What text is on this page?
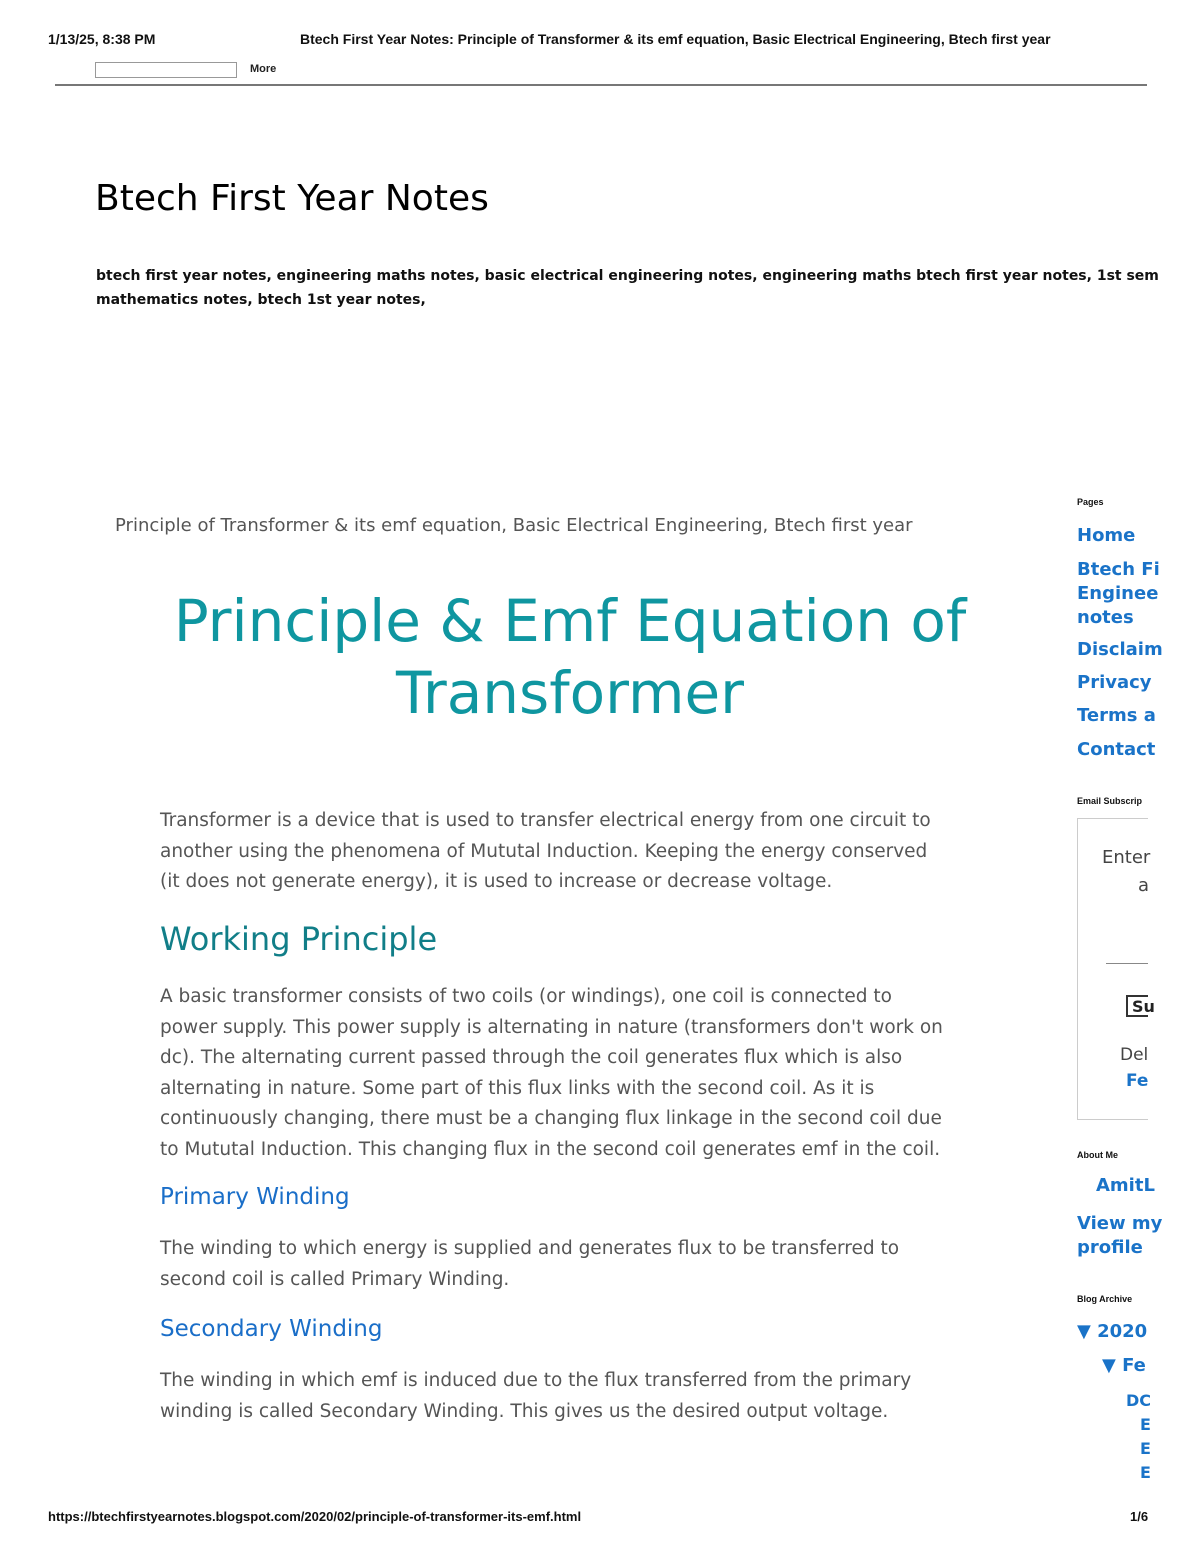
1/13/25, 8:38 PM	Btech First Year Notes: Principle of Transformer & its emf equation, Basic Electrical Engineering, Btech first year
More
Btech First Year Notes
btech first year notes, engineering maths notes, basic electrical engineering notes, engineering maths btech first year notes, 1st sem
mathematics notes, btech 1st year notes,
Principle of Transformer & its emf equation, Basic Electrical Engineering, Btech first year
Principle & Emf Equation of
Transformer
Transformer is a device that is used to transfer electrical energy from one circuit to
another using the phenomena of Mututal Induction. Keeping the energy conserved
(it does not generate energy), it is used to increase or decrease voltage.
Working Principle
A basic transformer consists of two coils (or windings), one coil is connected to
power supply. This power supply is alternating in nature (transformers don't work on
dc). The alternating current passed through the coil generates flux which is also
alternating in nature. Some part of this flux links with the second coil. As it is
continuously changing, there must be a changing flux linkage in the second coil due
to Mututal Induction. This changing flux in the second coil generates emf in the coil.
Primary Winding
The winding to which energy is supplied and generates flux to be transferred to
second coil is called Primary Winding.
Secondary Winding
The winding in which emf is induced due to the flux transferred from the primary
winding is called Secondary Winding. This gives us the desired output voltage.
Pages
Home
Btech Fi
Enginee
notes
Disclaim
Privacy
Terms a
Contact
Email Subscrip
Enter
a
Su
Del
Fe
About Me
AmitL
View my
profile
Blog Archive
▼ 2020
▼ Fe
DC
E
E
E
https://btechfirstyearnotes.blogspot.com/2020/02/principle-of-transformer-its-emf.html	1/6
